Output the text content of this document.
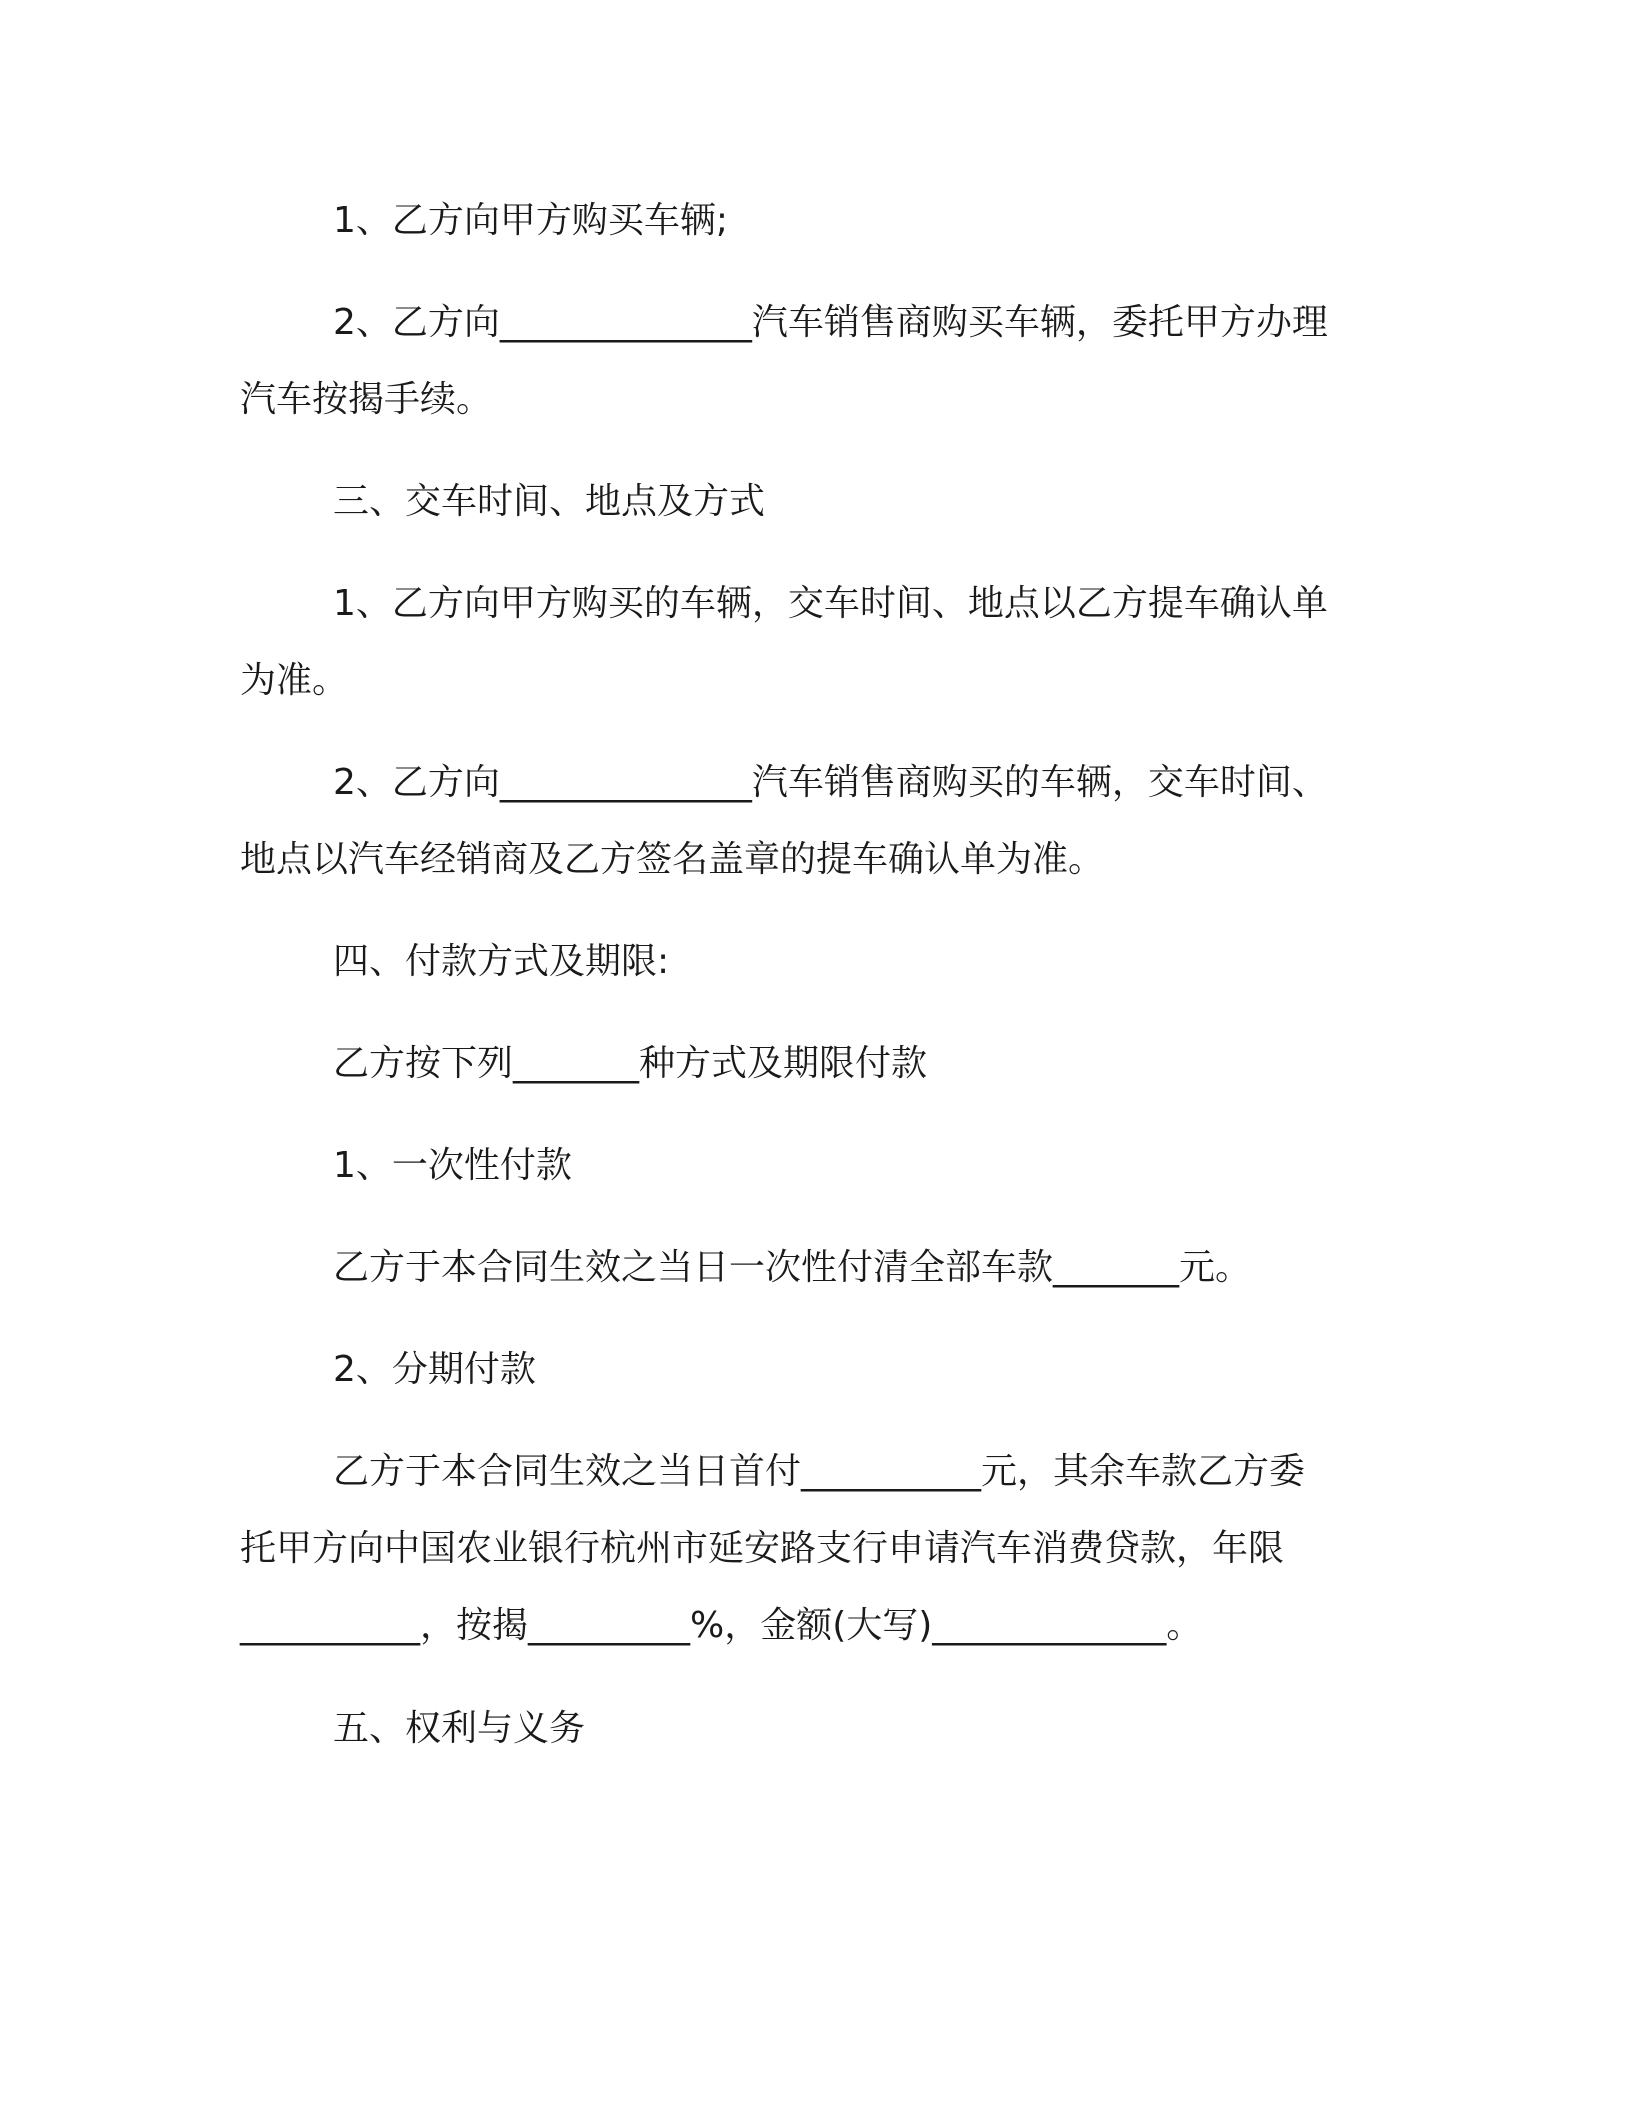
1、乙方向甲方购买车辆;

2、乙方向______________汽车销售商购买车辆，委托甲方办理

汽车按揭手续。

三、交车时间、地点及方式

1、乙方向甲方购买的车辆，交车时间、地点以乙方提车确认单

为准。

2、乙方向______________汽车销售商购买的车辆，交车时间、

地点以汽车经销商及乙方签名盖章的提车确认单为准。

四、付款方式及期限:

乙方按下列_______种方式及期限付款

1、一次性付款

乙方于本合同生效之当日一次性付清全部车款_______元。

2、分期付款

乙方于本合同生效之当日首付__________元，其余车款乙方委

托甲方向中国农业银行杭州市延安路支行申请汽车消费贷款，年限

__________，按揭_________%，金额(大写)_____________。

五、权利与义务
